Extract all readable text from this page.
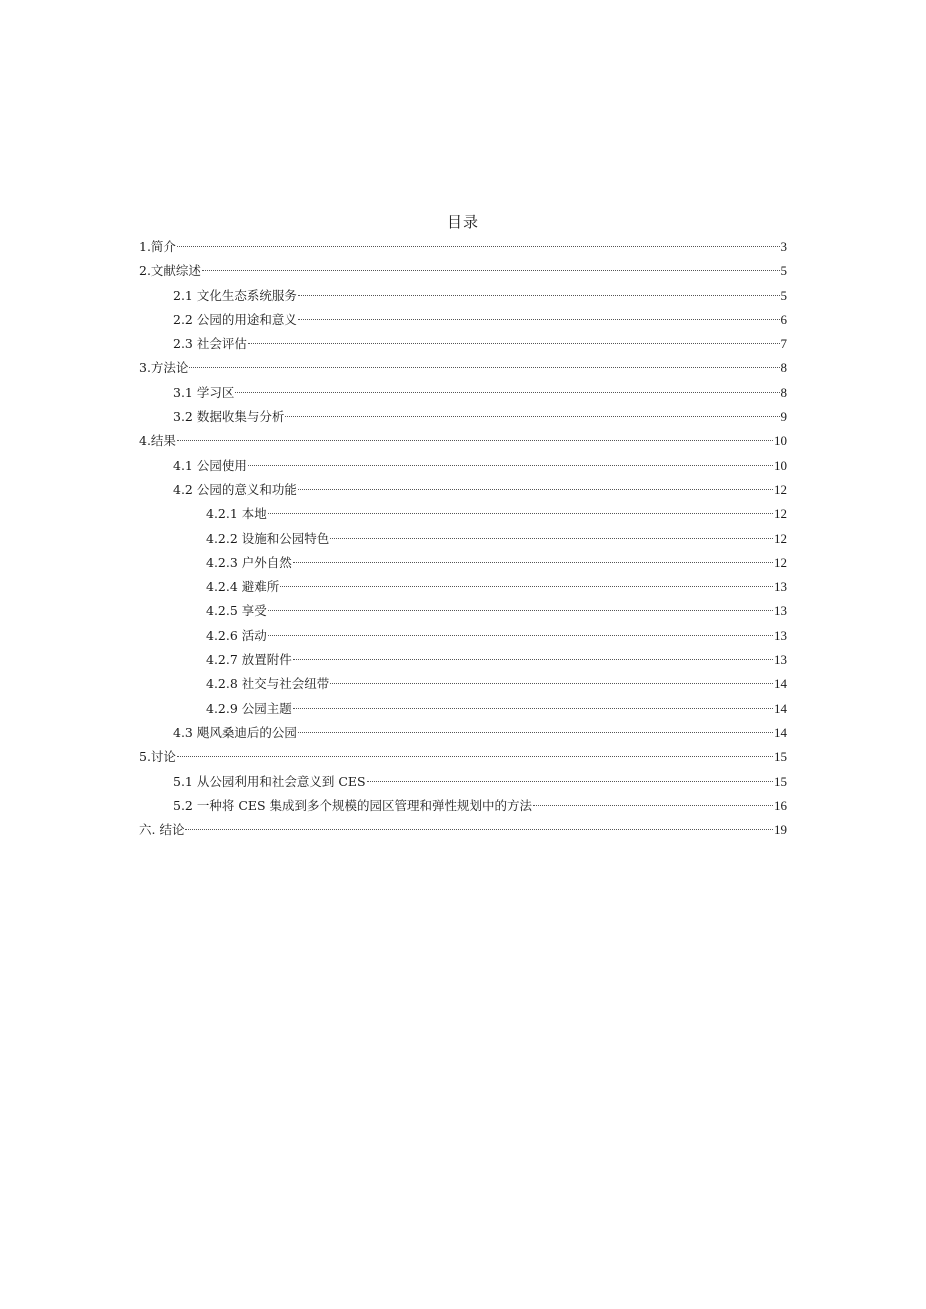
目录
1.简介	3
2.文献综述	5
2.1 文化生态系统服务	5
2.2 公园的用途和意义	6
2.3 社会评估	7
3.方法论	8
3.1 学习区	8
3.2 数据收集与分析	9
4.结果	10
4.1 公园使用	10
4.2 公园的意义和功能	12
4.2.1 本地	12
4.2.2 设施和公园特色	12
4.2.3 户外自然	12
4.2.4 避难所	13
4.2.5 享受	13
4.2.6 活动	13
4.2.7 放置附件	13
4.2.8 社交与社会纽带	14
4.2.9 公园主题	14
4.3 飓风桑迪后的公园	14
5.讨论	15
5.1 从公园利用和社会意义到 CES	15
5.2 一种将 CES 集成到多个规模的园区管理和弹性规划中的方法	16
六. 结论	19
